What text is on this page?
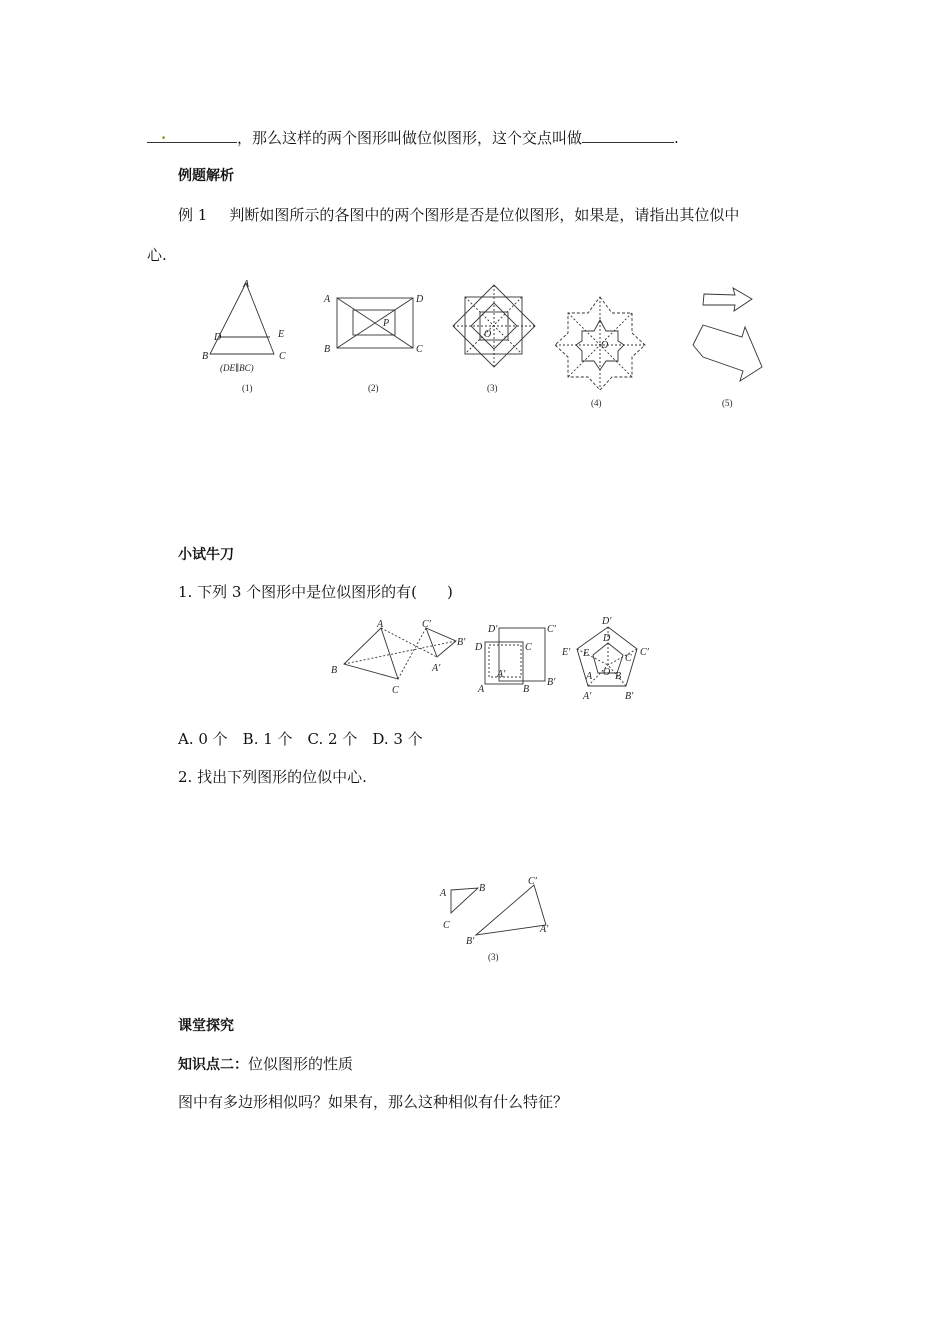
.	，那么这样的两个图形叫做位似图形，这个交点叫做	.
例题解析
例 1 判断如图所示的各图中的两个图形是否是位似图形，如果是，请指出其位似中
心.
A
D	E
B	C
(DE∥BC)
(1)
A	D
P
B	C
(2)
O
(3)
O
(4)	(5)
小试牛刀
1. 下列 3 个图形中是位似图形的有(　　)
A
B
C
C′
B′
A′
D′	C′
D	C
A′
A	B
B′
D′
D
E′ E	C
C′
O
A B
A′	B′
A. 0 个　B. 1 个　C. 2 个　D. 3 个
2. 找出下列图形的位似中心.
A	B
C
C′
A′
B′
(3)
课堂探究
知识点二：位似图形的性质
图中有多边形相似吗？如果有，那么这种相似有什么特征？
